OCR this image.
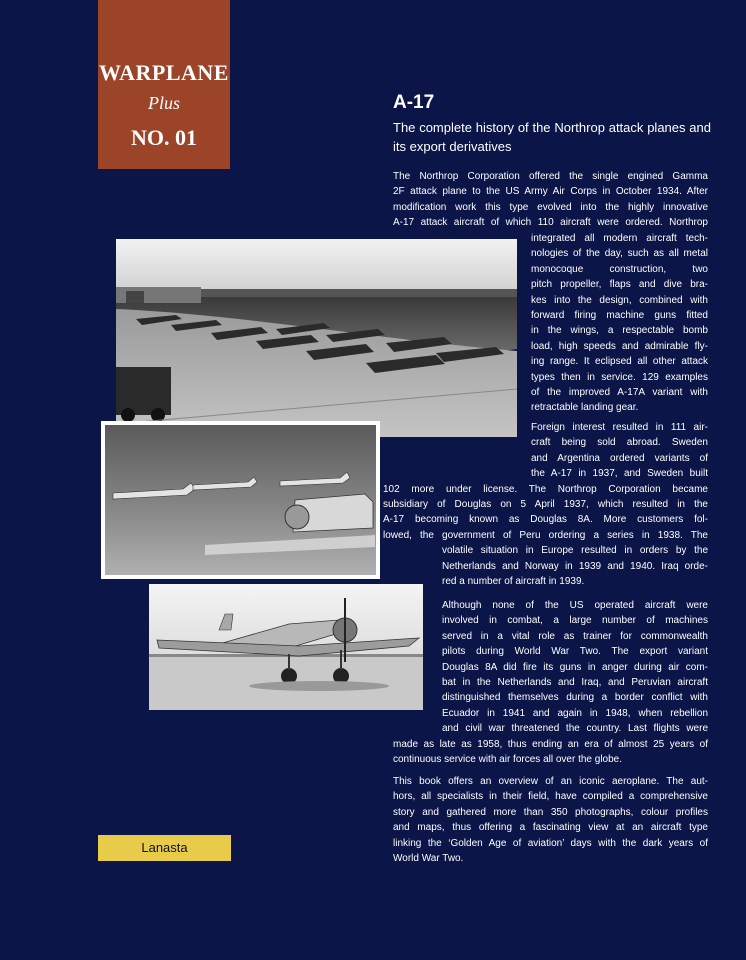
WARPLANE
Plus
NO. 01
A-17

The complete history of the Northrop attack planes and its export derivatives

The Northrop Corporation offered the single engined Gamma
2F attack plane to the US Army Air Corps in October 1934. After
modification work this type evolved into the highly innovative
A-17 attack aircraft of which 110 aircraft were ordered. Northrop
integrated all modern aircraft tech-
nologies of the day, such as all metal
monocoque construction, two
pitch propeller, flaps and dive bra-
kes into the design, combined with
forward firing machine guns fitted
in the wings, a respectable bomb
load, high speeds and admirable fly-
ing range. It eclipsed all other attack
types then in service. 129 examples
of the improved A-17A variant with
retractable landing gear.
Foreign interest resulted in 111 air-
craft being sold abroad. Sweden
and Argentina ordered variants of
the A-17 in 1937, and Sweden built
102 more under license. The Northrop Corporation became
subsidiary of Douglas on 5 April 1937, which resulted in the
A-17 becoming known as Douglas 8A. More customers fol-
lowed, the government of Peru ordering a series in 1938. The
volatile situation in Europe resulted in orders by the
Netherlands and Norway in 1939 and 1940. Iraq orde-
red a number of aircraft in 1939.
Although none of the US operated aircraft were
involved in combat, a large number of machines
served in a vital role as trainer for commonwealth
pilots during World War Two. The export variant
Douglas 8A did fire its guns in anger during air com-
bat in the Netherlands and Iraq, and Peruvian aircraft
distinguished themselves during a border conflict with
Ecuador in 1941 and again in 1948, when rebellion
and civil war threatened the country. Last flights were
made as late as 1958, thus ending an era of almost 25 years of
continuous service with air forces all over the globe.
This book offers an overview of an iconic aeroplane. The aut-
hors, all specialists in their field, have compiled a comprehensive
story and gathered more than 350 photographs, colour profiles
and maps, thus offering a fascinating view at an aircraft type
linking the ‘Golden Age of aviation’ days with the dark years of
World War Two.
Lanasta
